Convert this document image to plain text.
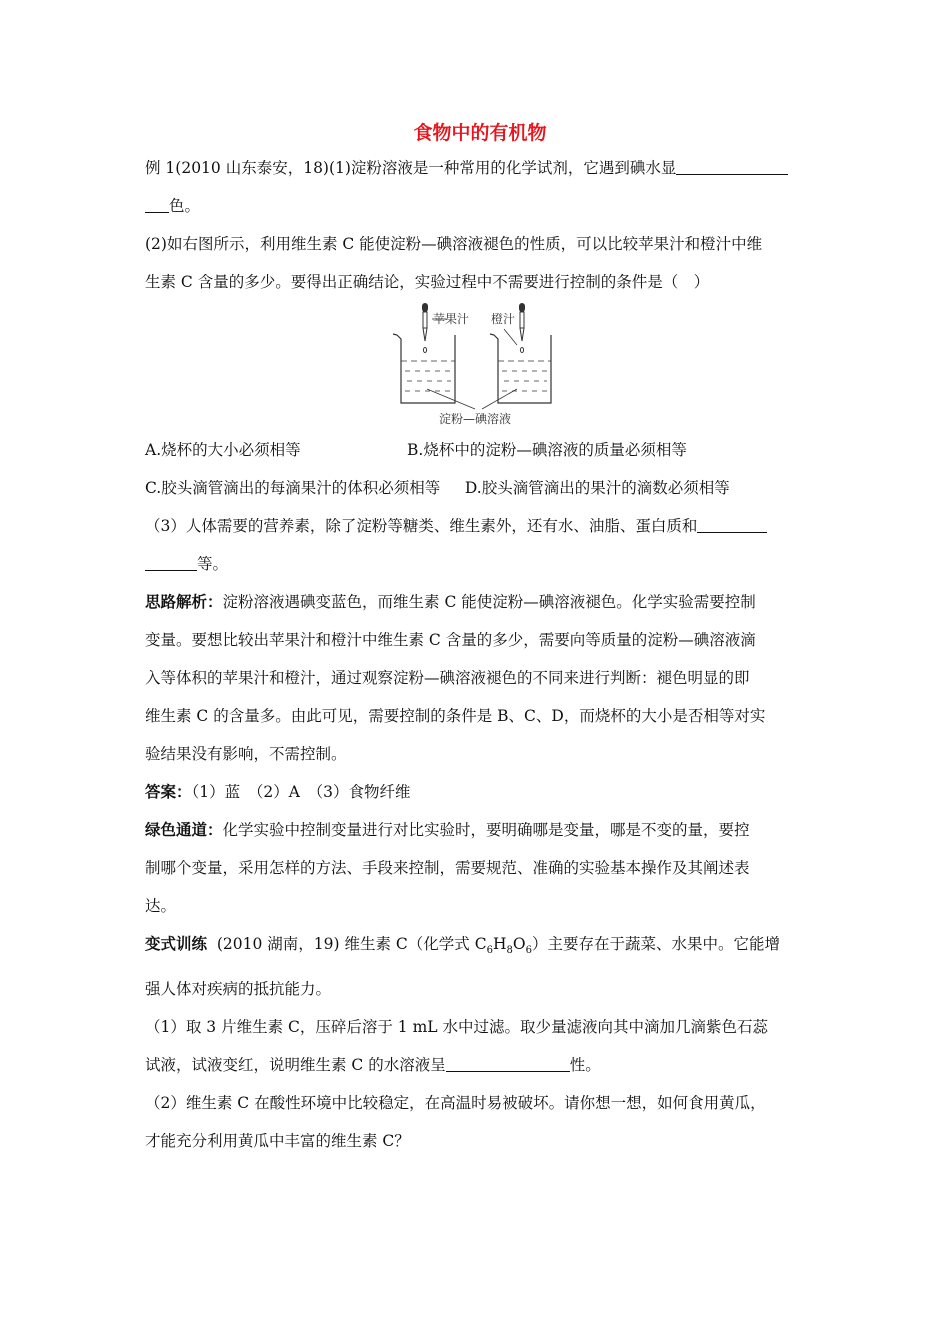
食物中的有机物
例 1(2010 山东泰安，18)(1)淀粉溶液是一种常用的化学试剂，它遇到碘水显
色。
(2)如右图所示，利用维生素 C 能使淀粉—碘溶液褪色的性质，可以比较苹果汁和橙汁中维
生素 C 含量的多少。要得出正确结论，实验过程中不需要进行控制的条件是（　）
苹果汁 橙汁
淀粉—碘溶液
A.烧杯的大小必须相等	B.烧杯中的淀粉—碘溶液的质量必须相等
C.胶头滴管滴出的每滴果汁的体积必须相等 D.胶头滴管滴出的果汁的滴数必须相等
（3）人体需要的营养素，除了淀粉等糖类、维生素外，还有水、油脂、蛋白质和
等。
思路解析：淀粉溶液遇碘变蓝色，而维生素 C 能使淀粉—碘溶液褪色。化学实验需要控制
变量。要想比较出苹果汁和橙汁中维生素 C 含量的多少，需要向等质量的淀粉—碘溶液滴
入等体积的苹果汁和橙汁，通过观察淀粉—碘溶液褪色的不同来进行判断：褪色明显的即
维生素 C 的含量多。由此可见，需要控制的条件是 B、C、D，而烧杯的大小是否相等对实
验结果没有影响，不需控制。
答案：（1）蓝　（2）A　（3）食物纤维
绿色通道：化学实验中控制变量进行对比实验时，要明确哪是变量，哪是不变的量，要控
制哪个变量，采用怎样的方法、手段来控制，需要规范、准确的实验基本操作及其阐述表
达。
变式训练 (2010 湖南，19) 维生素 C（化学式 $C_6H_8O_6$）主要存在于蔬菜、水果中。它能增
强人体对疾病的抵抗能力。
（1）取 3 片维生素 C，压碎后溶于 1 mL 水中过滤。取少量滤液向其中滴加几滴紫色石蕊
试液，试液变红，说明维生素 C 的水溶液呈	性。
（2）维生素 C 在酸性环境中比较稳定，在高温时易被破坏。请你想一想，如何食用黄瓜，
才能充分利用黄瓜中丰富的维生素 C？
